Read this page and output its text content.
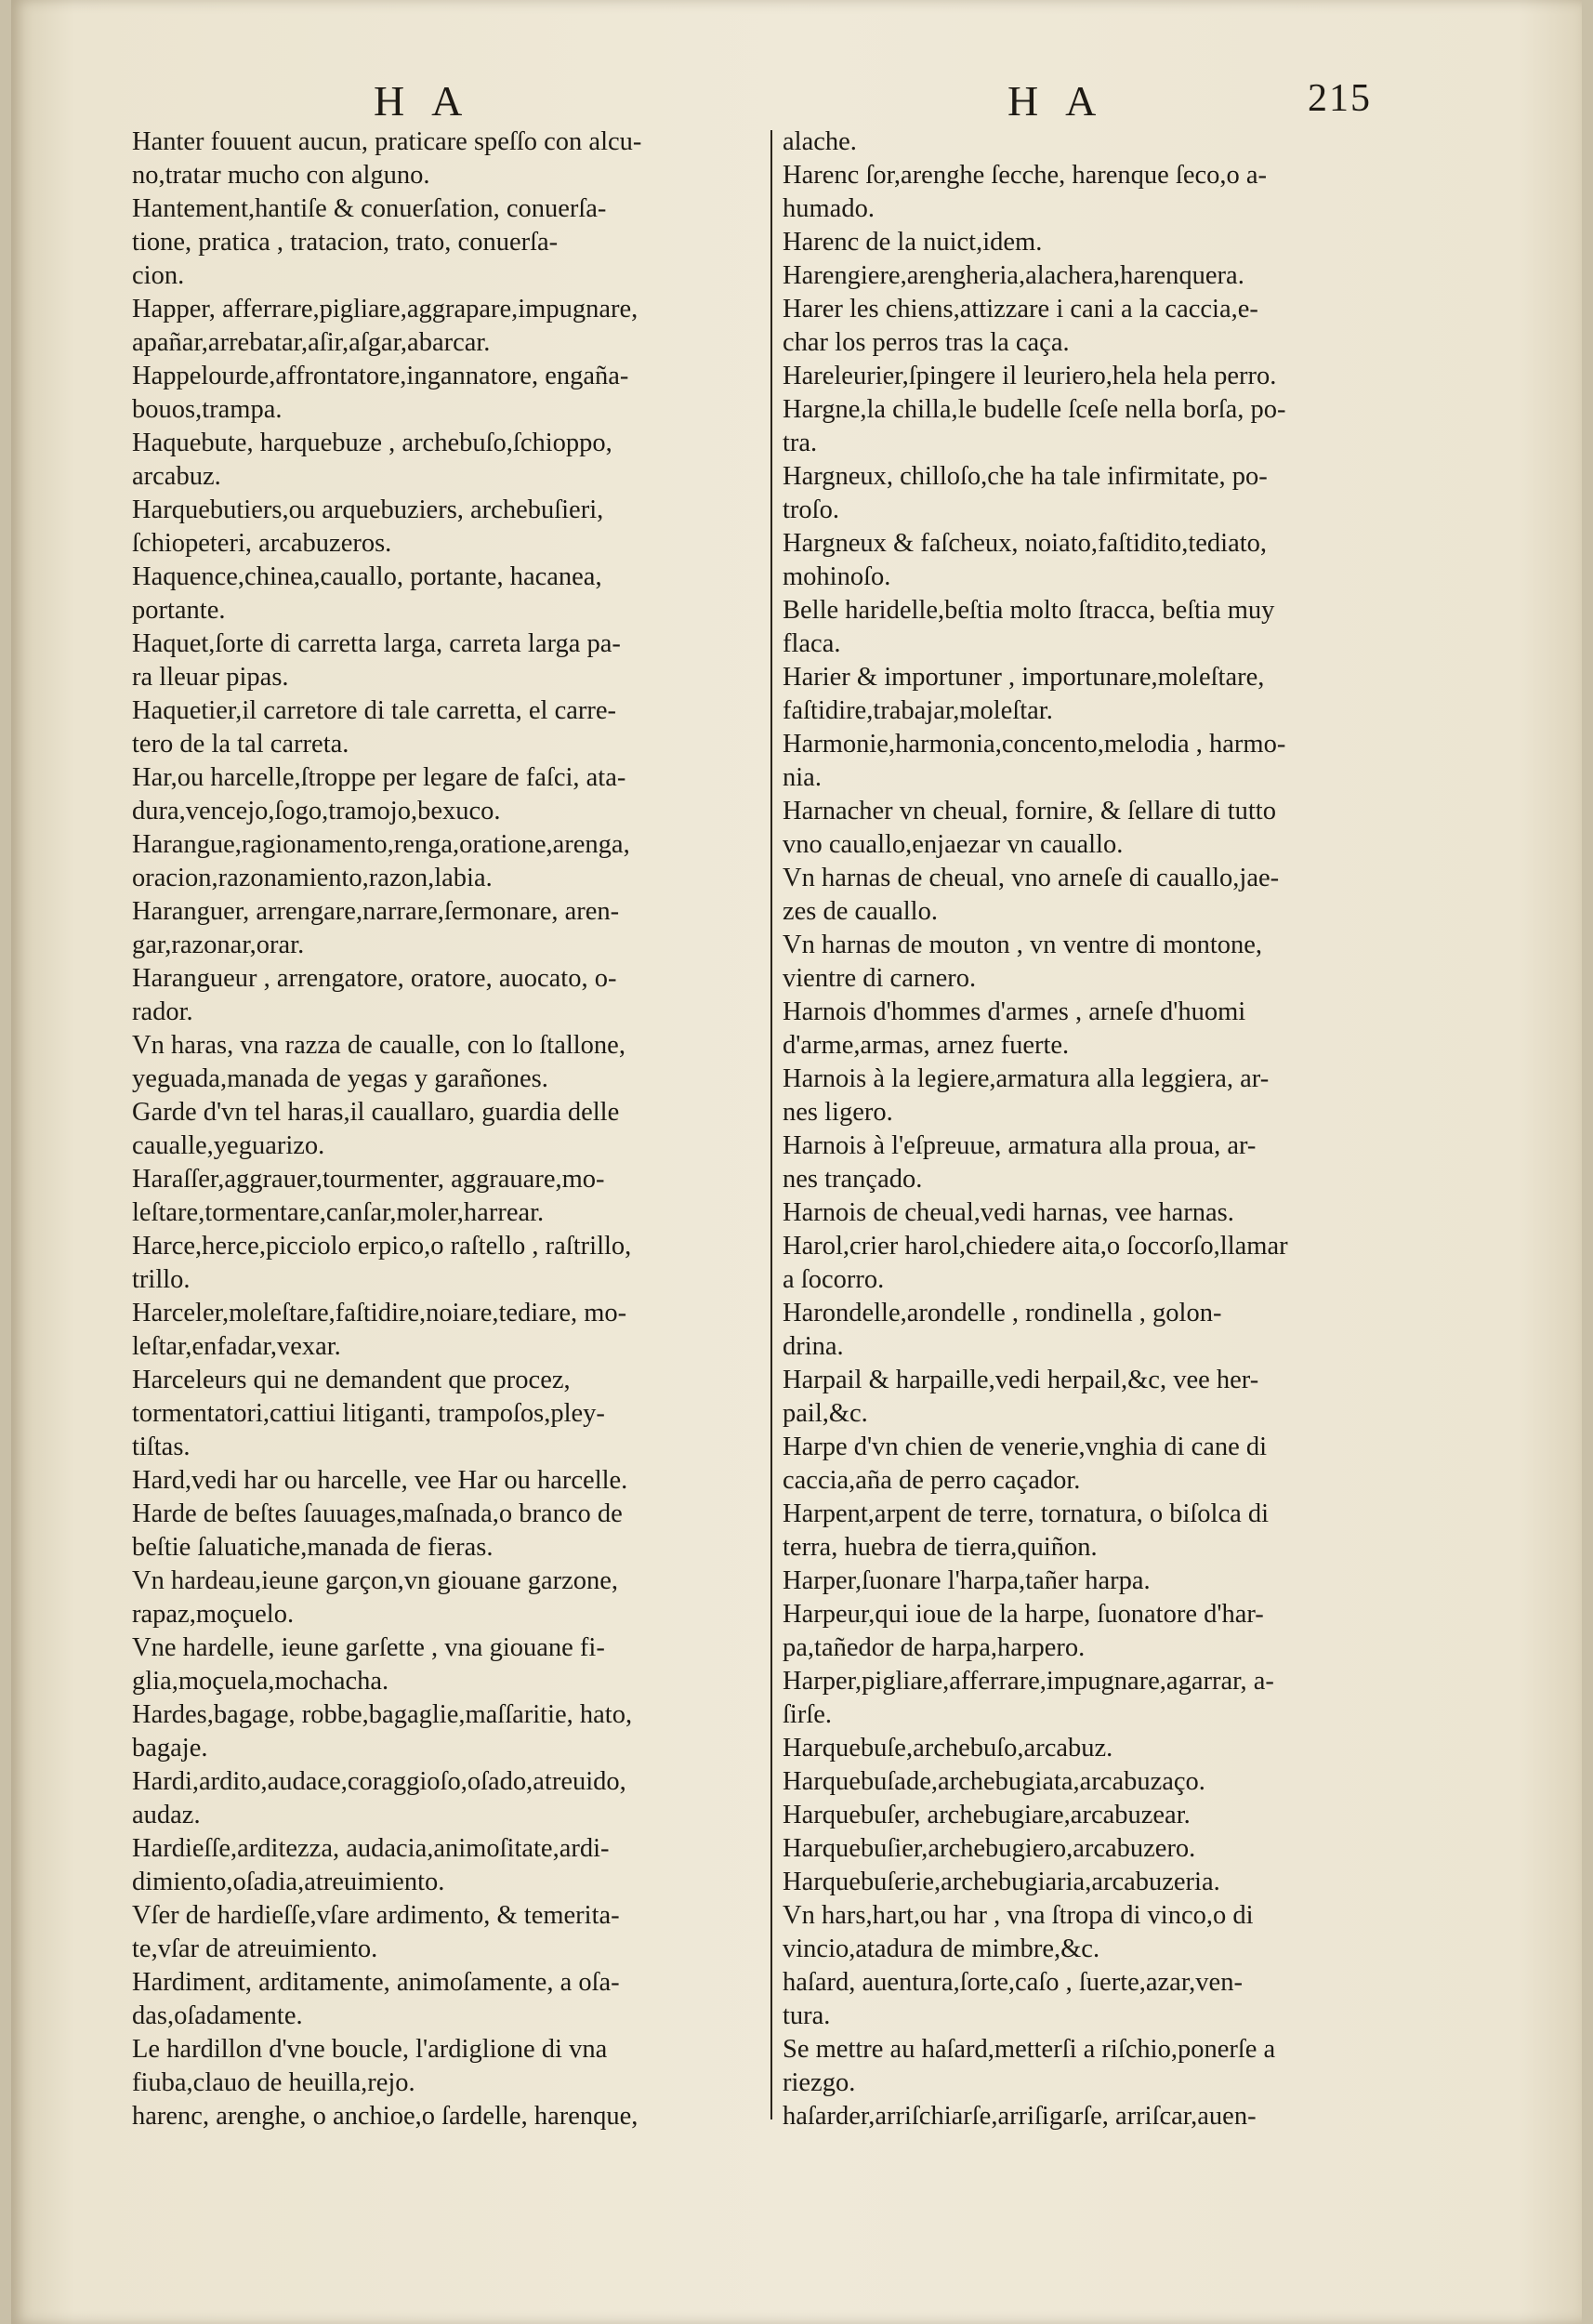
H A	H A	215
Hanter fouuent aucun, praticare speſſo con alcu-
no,tratar mucho con alguno.
Hantement,hantiſe & conuerſation, conuerſa-
tione, pratica , tratacion, trato, conuerſa-
cion.
Happer, afferrare,pigliare,aggrapare,impugnare,
apañar,arrebatar,aſir,aſgar,abarcar.
Happelourde,affrontatore,ingannatore, engaña-
bouos,trampa.
Haquebute, harquebuze , archebuſo,ſchioppo,
arcabuz.
Harquebutiers,ou arquebuziers, archebuſieri,
ſchiopeteri, arcabuzeros.
Haquence,chinea,cauallo, portante, hacanea,
portante.
Haquet,ſorte di carretta larga, carreta larga pa-
ra lleuar pipas.
Haquetier,il carretore di tale carretta, el carre-
tero de la tal carreta.
Har,ou harcelle,ſtroppe per legare de faſci, ata-
dura,vencejo,ſogo,tramojo,bexuco.
Harangue,ragionamento,renga,oratione,arenga,
oracion,razonamiento,razon,labia.
Haranguer, arrengare,narrare,ſermonare, aren-
gar,razonar,orar.
Harangueur , arrengatore, oratore, auocato, o-
rador.
Vn haras, vna razza de caualle, con lo ſtallone,
yeguada,manada de yegas y garañones.
Garde d'vn tel haras,il cauallaro, guardia delle
caualle,yeguarizo.
Haraſſer,aggrauer,tourmenter, aggrauare,mo-
leſtare,tormentare,canſar,moler,harrear.
Harce,herce,picciolo erpico,o raſtello , raſtrillo,
trillo.
Harceler,moleſtare,faſtidire,noiare,tediare, mo-
leſtar,enfadar,vexar.
Harceleurs qui ne demandent que procez,
tormentatori,cattiui litiganti, trampoſos,pley-
tiſtas.
Hard,vedi har ou harcelle, vee Har ou harcelle.
Harde de beſtes ſauuages,maſnada,o branco de
beſtie ſaluatiche,manada de fieras.
Vn hardeau,ieune garçon,vn giouane garzone,
rapaz,moçuelo.
Vne hardelle, ieune garſette , vna giouane fi-
glia,moçuela,mochacha.
Hardes,bagage, robbe,bagaglie,maſſaritie, hato,
bagaje.
Hardi,ardito,audace,coraggioſo,oſado,atreuido,
audaz.
Hardieſſe,arditezza, audacia,animoſitate,ardi-
dimiento,oſadia,atreuimiento.
Vſer de hardieſſe,vſare ardimento, & temerita-
te,vſar de atreuimiento.
Hardiment, arditamente, animoſamente, a oſa-
das,oſadamente.
Le hardillon d'vne boucle, l'ardiglione di vna
fiuba,clauo de heuilla,rejo.
harenc, arenghe, o anchioe,o ſardelle, harenque,
alache.
Harenc ſor,arenghe ſecche, harenque ſeco,o a-
humado.
Harenc de la nuict,idem.
Harengiere,arengheria,alachera,harenquera.
Harer les chiens,attizzare i cani a la caccia,e-
char los perros tras la caça.
Hareleurier,ſpingere il leuriero,hela hela perro.
Hargne,la chilla,le budelle ſceſe nella borſa, po-
tra.
Hargneux, chilloſo,che ha tale infirmitate, po-
troſo.
Hargneux & faſcheux, noiato,faſtidito,tediato,
mohinoſo.
Belle haridelle,beſtia molto ſtracca, beſtia muy
flaca.
Harier & importuner , importunare,moleſtare,
faſtidire,trabajar,moleſtar.
Harmonie,harmonia,concento,melodia , harmo-
nia.
Harnacher vn cheual, fornire, & ſellare di tutto
vno cauallo,enjaezar vn cauallo.
Vn harnas de cheual, vno arneſe di cauallo,jae-
zes de cauallo.
Vn harnas de mouton , vn ventre di montone,
vientre di carnero.
Harnois d'hommes d'armes , arneſe d'huomi
d'arme,armas, arnez fuerte.
Harnois à la legiere,armatura alla leggiera, ar-
nes ligero.
Harnois à l'eſpreuue, armatura alla proua, ar-
nes trançado.
Harnois de cheual,vedi harnas, vee harnas.
Harol,crier harol,chiedere aita,o ſoccorſo,llamar
a ſocorro.
Harondelle,arondelle , rondinella , golon-
drina.
Harpail & harpaille,vedi herpail,&c, vee her-
pail,&c.
Harpe d'vn chien de venerie,vnghia di cane di
caccia,aña de perro caçador.
Harpent,arpent de terre, tornatura, o biſolca di
terra, huebra de tierra,quiñon.
Harper,ſuonare l'harpa,tañer harpa.
Harpeur,qui ioue de la harpe, ſuonatore d'har-
pa,tañedor de harpa,harpero.
Harper,pigliare,afferrare,impugnare,agarrar, a-
ſirſe.
Harquebuſe,archebuſo,arcabuz.
Harquebuſade,archebugiata,arcabuzaço.
Harquebuſer, archebugiare,arcabuzear.
Harquebuſier,archebugiero,arcabuzero.
Harquebuſerie,archebugiaria,arcabuzeria.
Vn hars,hart,ou har , vna ſtropa di vinco,o di
vincio,atadura de mimbre,&c.
haſard, auentura,ſorte,caſo , ſuerte,azar,ven-
tura.
Se mettre au haſard,metterſi a riſchio,ponerſe a
riezgo.
haſarder,arriſchiarſe,arriſigarſe, arriſcar,auen-
